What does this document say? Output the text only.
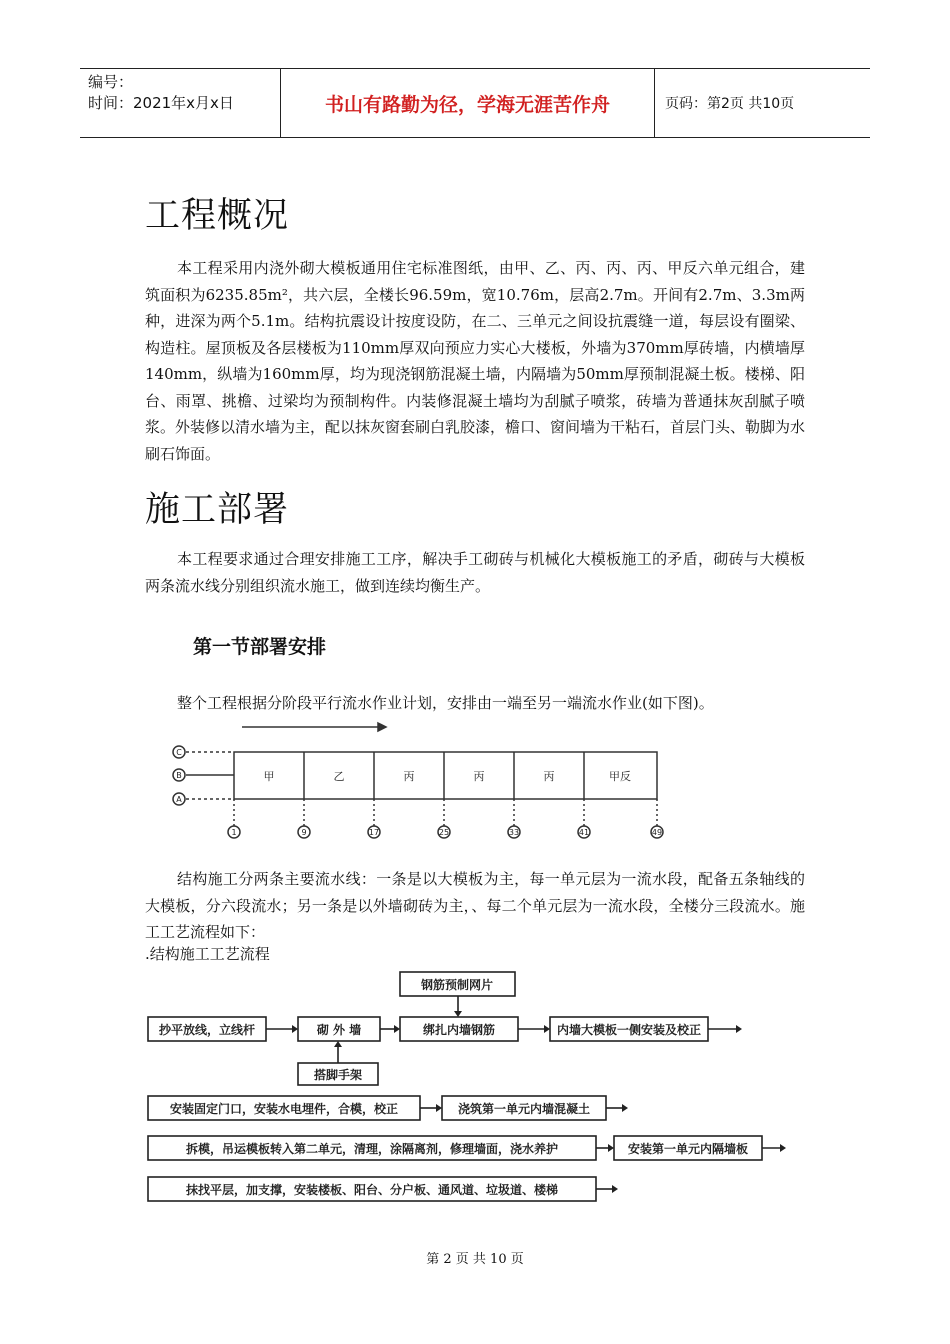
编号：
时间：2021年x月x日	书山有路勤为径，学海无涯苦作舟	页码：第2页 共10页
工程概况

本工程采用内浇外砌大模板通用住宅标准图纸，由甲、乙、丙、丙、丙、甲反六单元组合，建筑面积为6235.85m²，共六层，全楼长96.59m，宽10.76m，层高2.7m。开间有2.7m、3.3m两种，进深为两个5.1m。结构抗震设计按度设防，在二、三单元之间设抗震缝一道，每层设有圈梁、构造柱。屋顶板及各层楼板为110mm厚双向预应力实心大楼板，外墙为370mm厚砖墙，内横墙厚140mm，纵墙为160mm厚，均为现浇钢筋混凝土墙，内隔墙为50mm厚预制混凝土板。楼梯、阳台、雨罩、挑檐、过梁均为预制构件。内装修混凝土墙均为刮腻子喷浆，砖墙为普通抹灰刮腻子喷浆。外装修以清水墙为主，配以抹灰窗套刷白乳胶漆，檐口、窗间墙为干粘石，首层门头、勒脚为水刷石饰面。

施工部署

本工程要求通过合理安排施工工序，解决手工砌砖与机械化大模板施工的矛盾，砌砖与大模板两条流水线分别组织流水施工，做到连续均衡生产。

第一节部署安排

整个工程根据分阶段平行流水作业计划，安排由一端至另一端流水作业(如下图)。

甲	乙	丙	丙	丙	甲反
C
B
A
1	9	17	25	33	41	49
钢筋预制网片
抄平放线，立线杆	砌 外 墙
搭脚手架
绑扎内墙钢筋	内墙大模板一侧安装及校正
安装固定门口，安装水电埋件，合模，校正	浇筑第一单元内墙混凝土
拆模，吊运模板转入第二单元，清理，涂隔离剂，修理墙面，浇水养护	安装第一单元内隔墙板
抹找平层，加支撑，安装楼板、阳台、分户板、通风道、垃圾道、楼梯

结构施工分两条主要流水线：一条是以大模板为主，每一单元层为一流水段，配备五条轴线的大模板，分六段流水；另一条是以外墙砌砖为主，、每二个单元层为一流水段，全楼分三段流水。施工工艺流程如下：

.结构施工工艺流程

第 2 页 共 10 页
